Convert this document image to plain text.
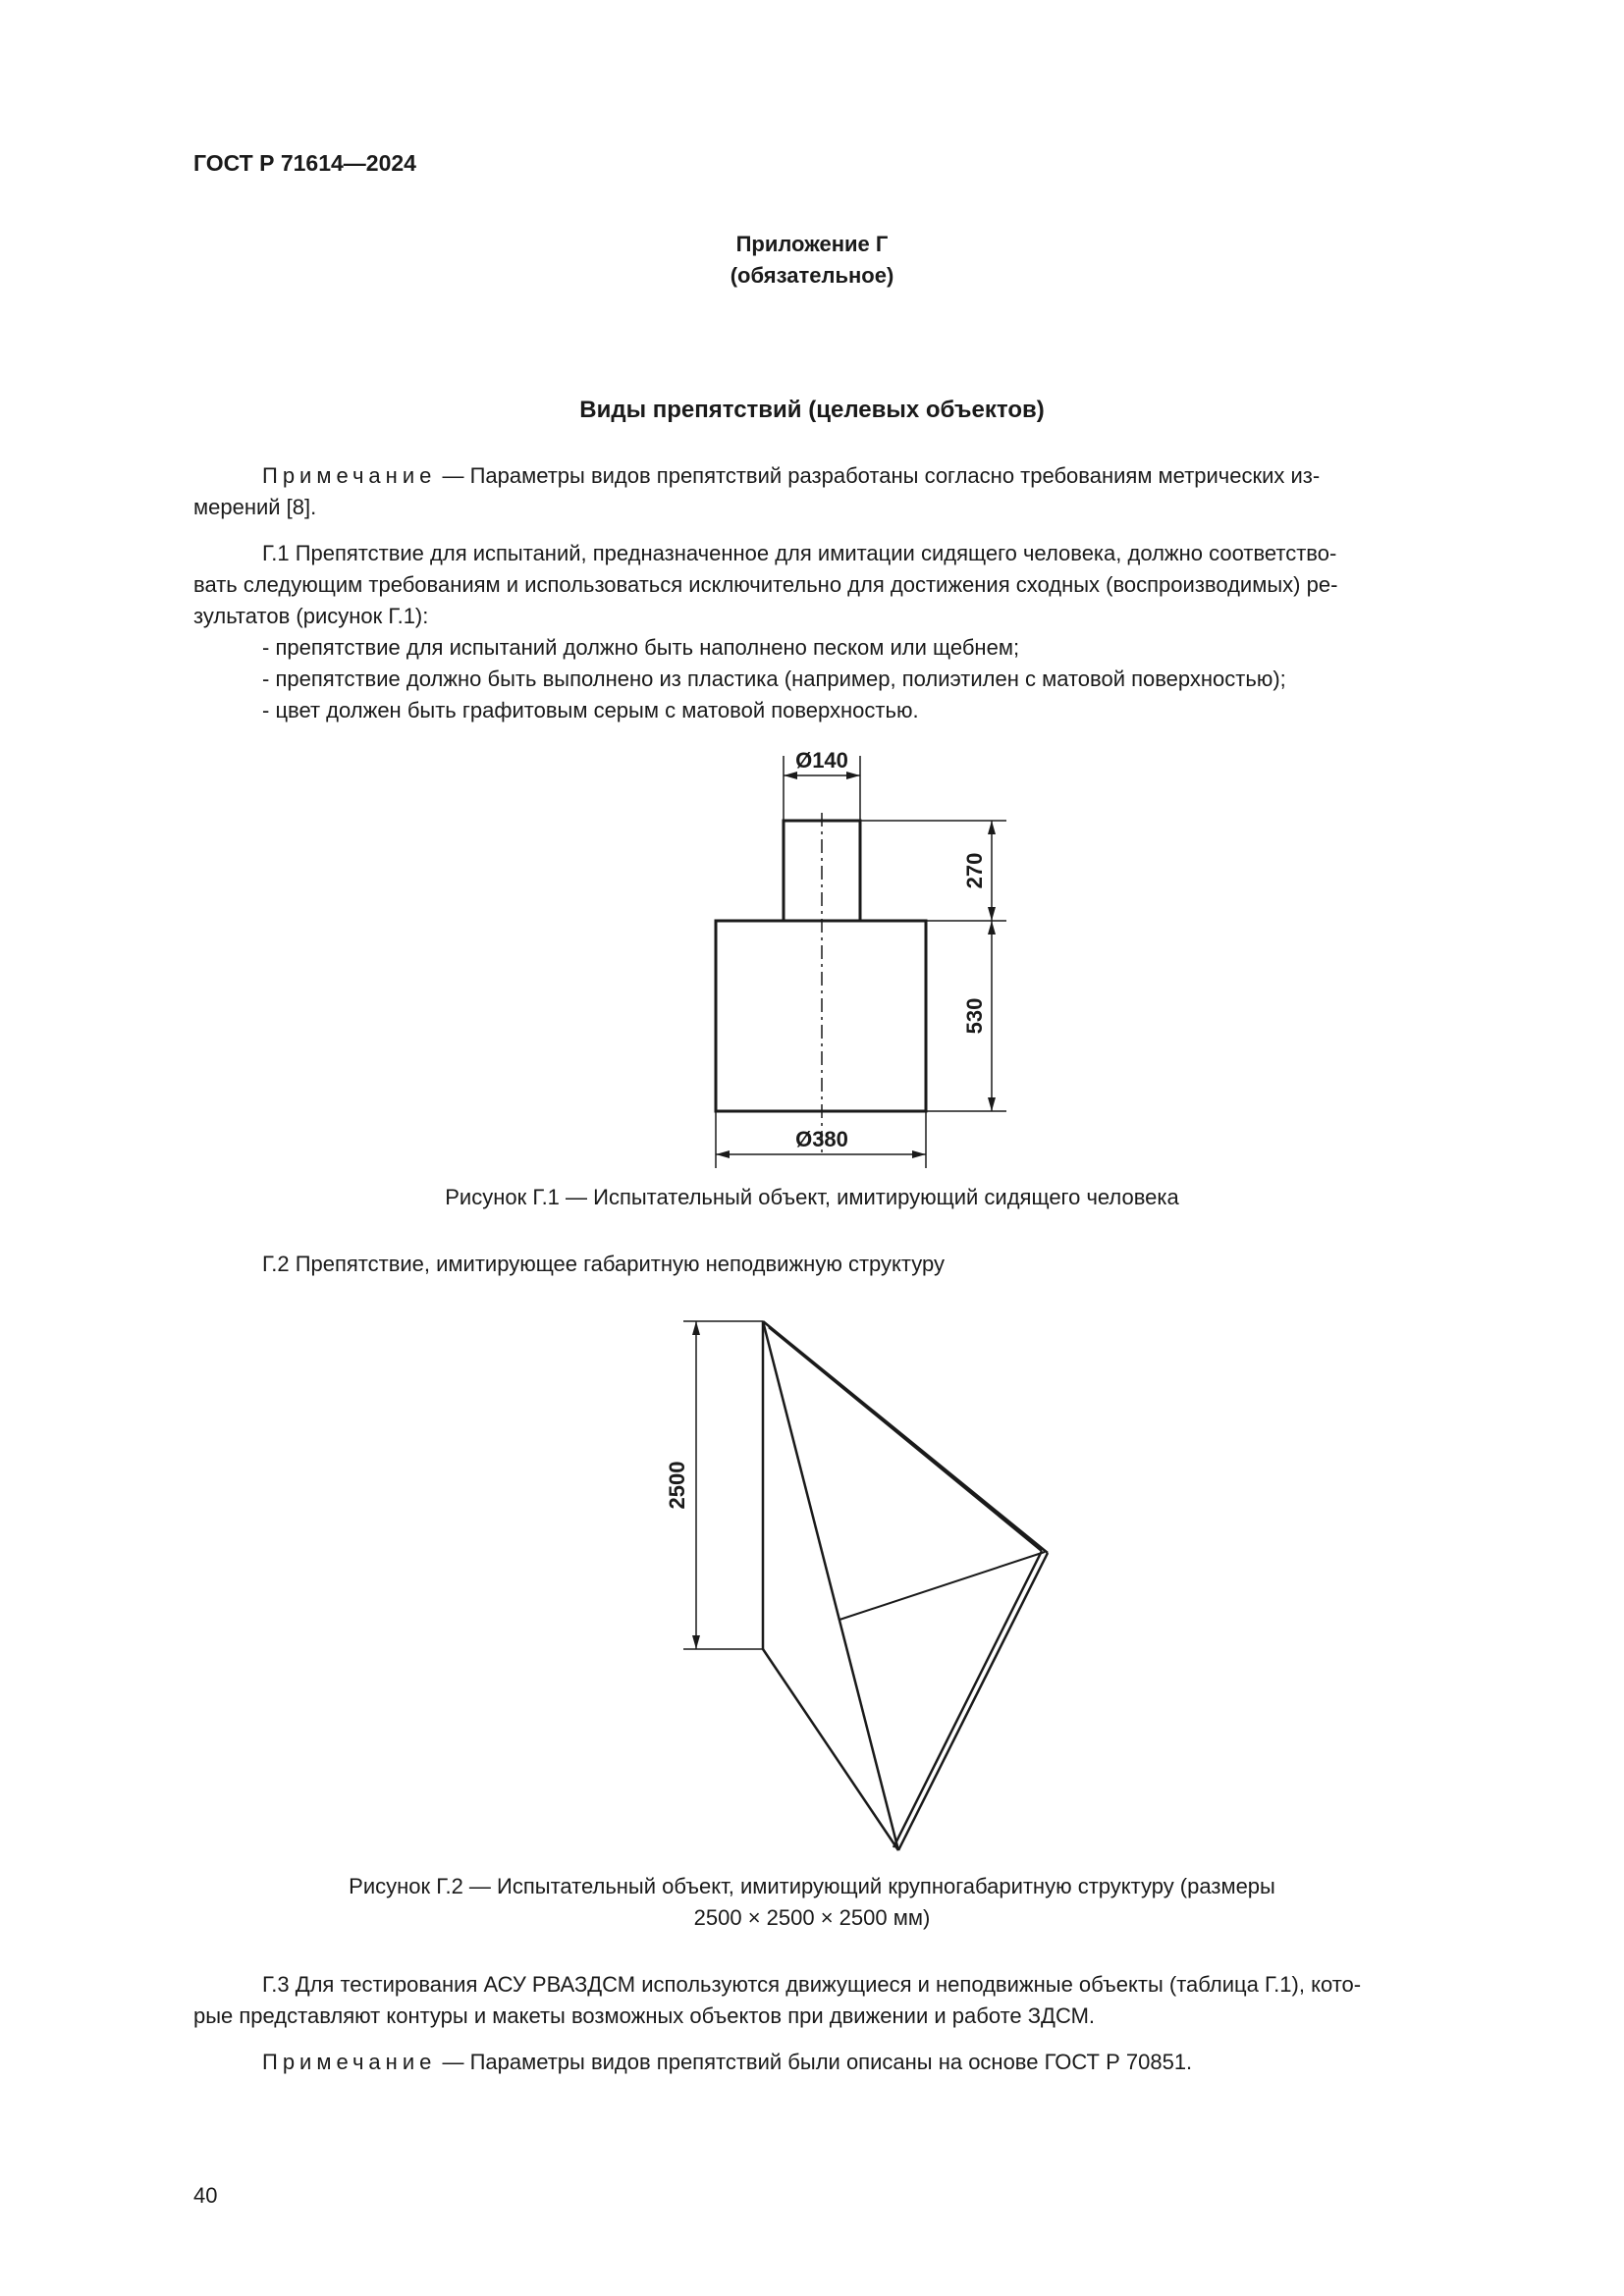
ГОСТ Р 71614—2024
Приложение Г
(обязательное)
Виды препятствий (целевых объектов)
Примечание — Параметры видов препятствий разработаны согласно требованиям метрических из-
мерений [8].
Г.1 Препятствие для испытаний, предназначенное для имитации сидящего человека, должно соответство-
вать следующим требованиям и использоваться исключительно для достижения сходных (воспроизводимых) ре-
зультатов (рисунок Г.1):
- препятствие для испытаний должно быть наполнено песком или щебнем;
- препятствие должно быть выполнено из пластика (например, полиэтилен с матовой поверхностью);
- цвет должен быть графитовым серым с матовой поверхностью.
Ø140
Ø380
270
530
2500
Рисунок Г.1 — Испытательный объект, имитирующий сидящего человека
Г.2 Препятствие, имитирующее габаритную неподвижную структуру
Рисунок Г.2 — Испытательный объект, имитирующий крупногабаритную структуру (размеры
2500 × 2500 × 2500 мм)
Г.3 Для тестирования АСУ РВАЗДСМ используются движущиеся и неподвижные объекты (таблица Г.1), кото-
рые представляют контуры и макеты возможных объектов при движении и работе ЗДСМ.
Примечание — Параметры видов препятствий были описаны на основе ГОСТ Р 70851.
40
